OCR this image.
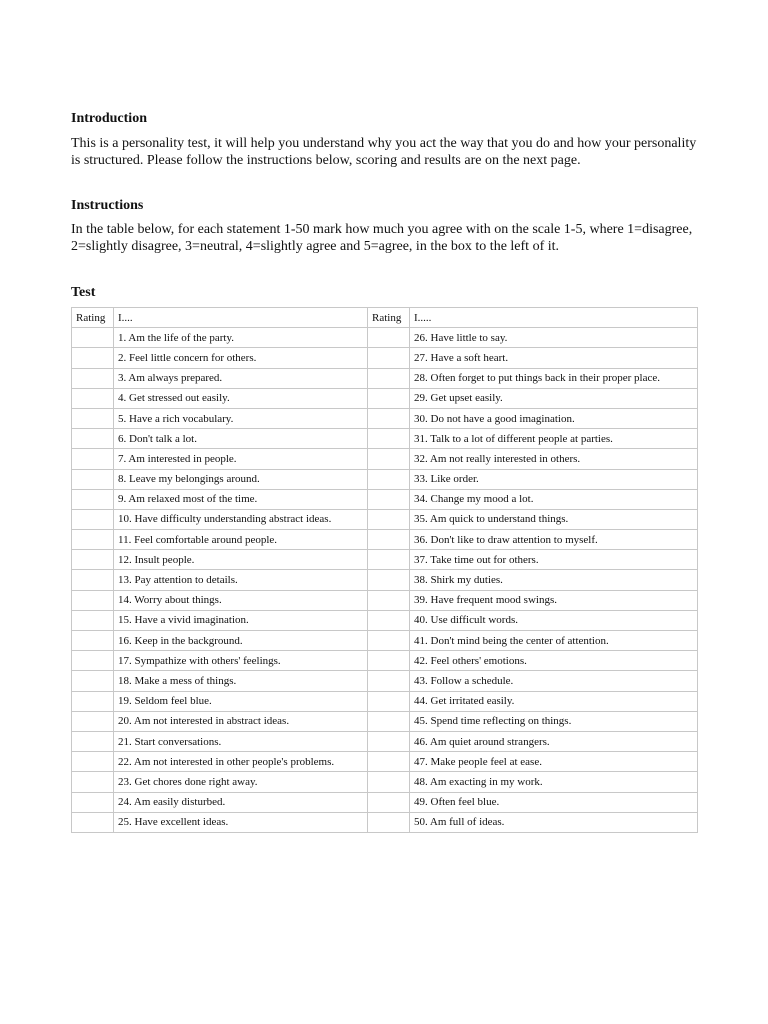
Introduction

This is a personality test, it will help you understand why you act the way that you do and how your personality is structured. Please follow the instructions below, scoring and results are on the next page.

Instructions

In the table below, for each statement 1-50 mark how much you agree with on the scale 1-5, where 1=disagree, 2=slightly disagree, 3=neutral, 4=slightly agree and 5=agree, in the box to the left of it.

Test
Rating	I....	Rating	I.....
	1. Am the life of the party.		26. Have little to say.
	2. Feel little concern for others.		27. Have a soft heart.
	3. Am always prepared.		28. Often forget to put things back in their proper place.
	4. Get stressed out easily.		29. Get upset easily.
	5. Have a rich vocabulary.		30. Do not have a good imagination.
	6. Don't talk a lot.		31. Talk to a lot of different people at parties.
	7. Am interested in people.		32. Am not really interested in others.
	8. Leave my belongings around.		33. Like order.
	9. Am relaxed most of the time.		34. Change my mood a lot.
	10. Have difficulty understanding abstract ideas.		35. Am quick to understand things.
	11. Feel comfortable around people.		36. Don't like to draw attention to myself.
	12. Insult people.		37. Take time out for others.
	13. Pay attention to details.		38. Shirk my duties.
	14. Worry about things.		39. Have frequent mood swings.
	15. Have a vivid imagination.		40. Use difficult words.
	16. Keep in the background.		41. Don't mind being the center of attention.
	17. Sympathize with others' feelings.		42. Feel others' emotions.
	18. Make a mess of things.		43. Follow a schedule.
	19. Seldom feel blue.		44. Get irritated easily.
	20. Am not interested in abstract ideas.		45. Spend time reflecting on things.
	21. Start conversations.		46. Am quiet around strangers.
	22. Am not interested in other people's problems.		47. Make people feel at ease.
	23. Get chores done right away.		48. Am exacting in my work.
	24. Am easily disturbed.		49. Often feel blue.
	25. Have excellent ideas.		50. Am full of ideas.
